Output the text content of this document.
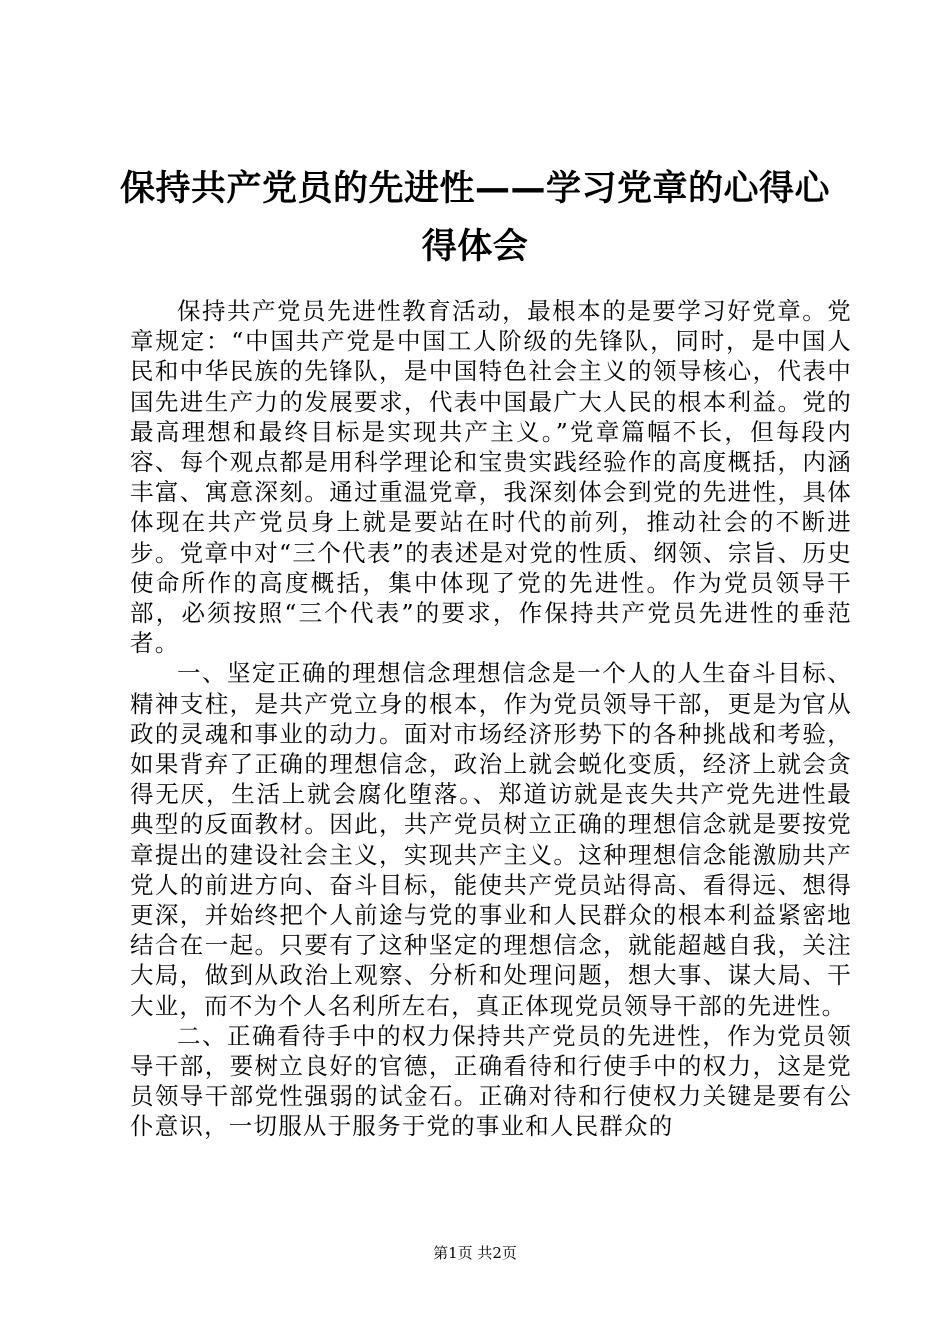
保持共产党员的先进性——学习党章的心得心
得体会

保持共产党员先进性教育活动，最根本的是要学习好党章。党章规定：“中国共产党是中国工人阶级的先锋队，同时，是中国人民和中华民族的先锋队，是中国特色社会主义的领导核心，代表中国先进生产力的发展要求，代表中国最广大人民的根本利益。党的最高理想和最终目标是实现共产主义。”党章篇幅不长，但每段内容、每个观点都是用科学理论和宝贵实践经验作的高度概括，内涵丰富、寓意深刻。通过重温党章，我深刻体会到党的先进性，具体体现在共产党员身上就是要站在时代的前列，推动社会的不断进步。党章中对“三个代表”的表述是对党的性质、纲领、宗旨、历史使命所作的高度概括，集中体现了党的先进性。作为党员领导干部，必须按照“三个代表”的要求，作保持共产党员先进性的垂范者。

一、坚定正确的理想信念理想信念是一个人的人生奋斗目标、精神支柱，是共产党立身的根本，作为党员领导干部，更是为官从政的灵魂和事业的动力。面对市场经济形势下的各种挑战和考验，如果背弃了正确的理想信念，政治上就会蜕化变质，经济上就会贪得无厌，生活上就会腐化堕落。、郑道访就是丧失共产党先进性最典型的反面教材。因此，共产党员树立正确的理想信念就是要按党章提出的建设社会主义，实现共产主义。这种理想信念能激励共产党人的前进方向、奋斗目标，能使共产党员站得高、看得远、想得更深，并始终把个人前途与党的事业和人民群众的根本利益紧密地结合在一起。只要有了这种坚定的理想信念，就能超越自我，关注大局，做到从政治上观察、分析和处理问题，想大事、谋大局、干大业，而不为个人名利所左右，真正体现党员领导干部的先进性。

二、正确看待手中的权力保持共产党员的先进性，作为党员领导干部，要树立良好的官德，正确看待和行使手中的权力，这是党员领导干部党性强弱的试金石。正确对待和行使权力关键是要有公仆意识，一切服从于服务于党的事业和人民群众的

第1页 共2页
